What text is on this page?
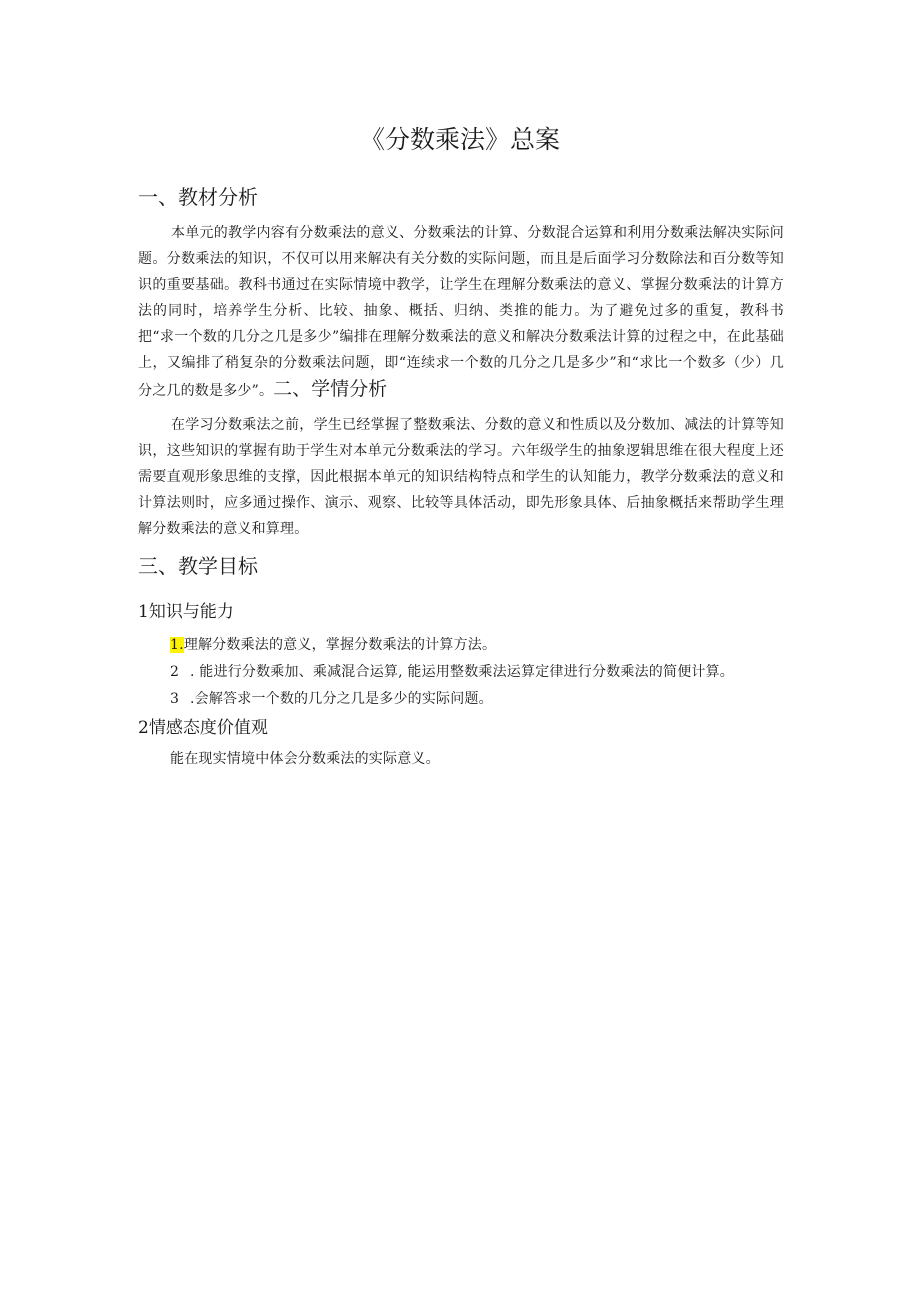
《分数乘法》总案
一、教材分析

本单元的教学内容有分数乘法的意义、分数乘法的计算、分数混合运算和利用分数乘法解决实际问题。分数乘法的知识，不仅可以用来解决有关分数的实际问题，而且是后面学习分数除法和百分数等知识的重要基础。教科书通过在实际情境中教学，让学生在理解分数乘法的意义、掌握分数乘法的计算方法的同时，培养学生分析、比较、抽象、概括、归纳、类推的能力。为了避免过多的重复，教科书把“求一个数的几分之几是多少”编排在理解分数乘法的意义和解决分数乘法计算的过程之中，在此基础上，又编排了稍复杂的分数乘法问题，即“连续求一个数的几分之几是多少”和“求比一个数多（少）几分之几的数是多少”。二、学情分析

在学习分数乘法之前，学生已经掌握了整数乘法、分数的意义和性质以及分数加、减法的计算等知识，这些知识的掌握有助于学生对本单元分数乘法的学习。六年级学生的抽象逻辑思维在很大程度上还需要直观形象思维的支撑，因此根据本单元的知识结构特点和学生的认知能力，教学分数乘法的意义和计算法则时，应多通过操作、演示、观察、比较等具体活动，即先形象具体、后抽象概括来帮助学生理解分数乘法的意义和算理。

三、教学目标
1知识与能力
1.理解分数乘法的意义，掌握分数乘法的计算方法。
2 . 能进行分数乘加、乘减混合运算, 能运用整数乘法运算定律进行分数乘法的简便计算。
3 .会解答求一个数的几分之几是多少的实际问题。
2情感态度价值观
能在现实情境中体会分数乘法的实际意义。
